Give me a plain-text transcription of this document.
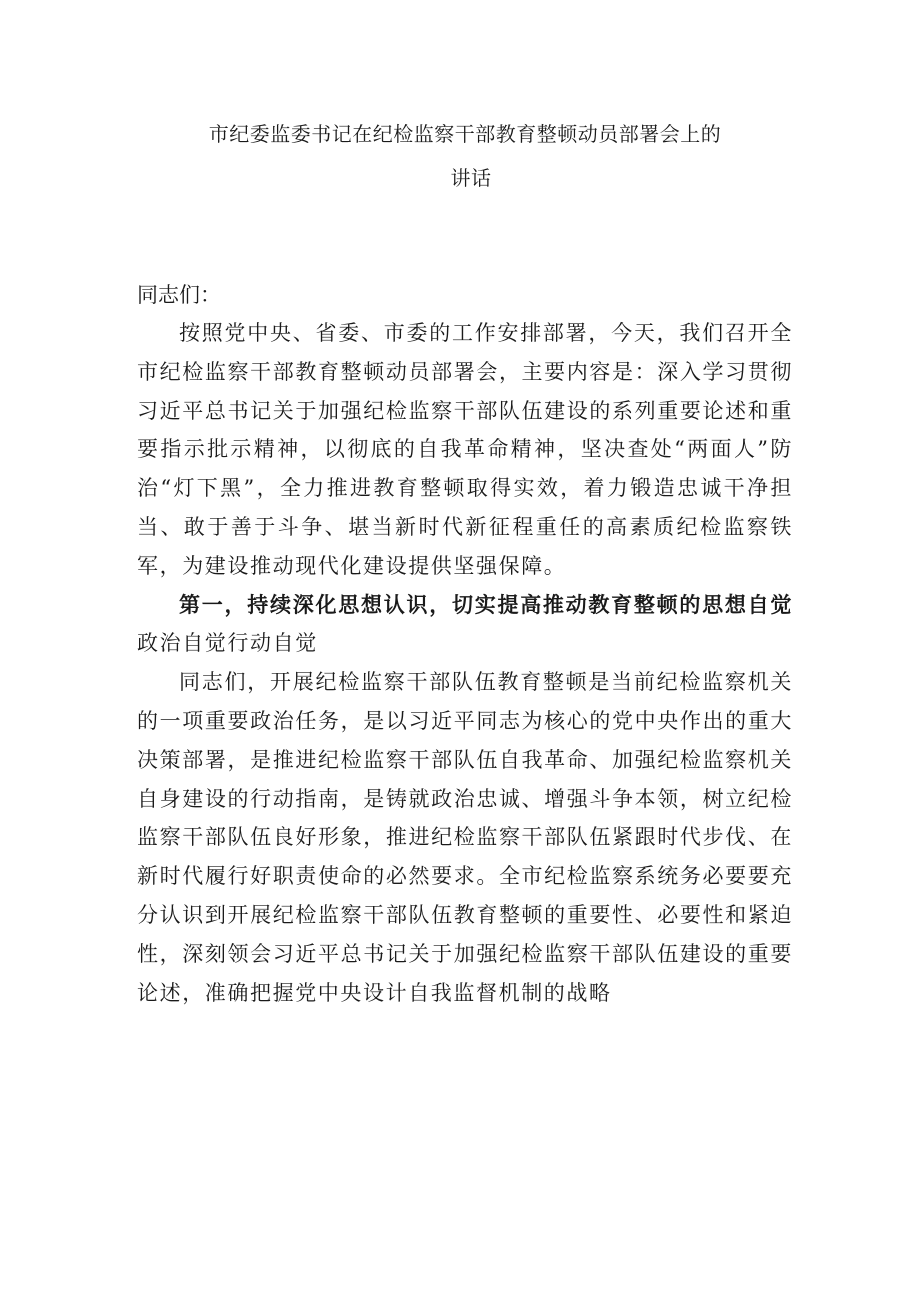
市纪委监委书记在纪检监察干部教育整顿动员部署会上的
讲话
同志们：

按照党中央、省委、市委的工作安排部署，今天，我们召开全市纪检监察干部教育整顿动员部署会，主要内容是：深入学习贯彻习近平总书记关于加强纪检监察干部队伍建设的系列重要论述和重要指示批示精神，以彻底的自我革命精神，坚决查处“两面人”防治“灯下黑”，全力推进教育整顿取得实效，着力锻造忠诚干净担当、敢于善于斗争、堪当新时代新征程重任的高素质纪检监察铁军，为建设推动现代化建设提供坚强保障。

第一，持续深化思想认识，切实提高推动教育整顿的思想自觉政治自觉行动自觉

同志们，开展纪检监察干部队伍教育整顿是当前纪检监察机关的一项重要政治任务，是以习近平同志为核心的党中央作出的重大决策部署，是推进纪检监察干部队伍自我革命、加强纪检监察机关自身建设的行动指南，是铸就政治忠诚、增强斗争本领，树立纪检监察干部队伍良好形象，推进纪检监察干部队伍紧跟时代步伐、在新时代履行好职责使命的必然要求。全市纪检监察系统务必要要充分认识到开展纪检监察干部队伍教育整顿的重要性、必要性和紧迫性，深刻领会习近平总书记关于加强纪检监察干部队伍建设的重要论述，准确把握党中央设计自我监督机制的战略
